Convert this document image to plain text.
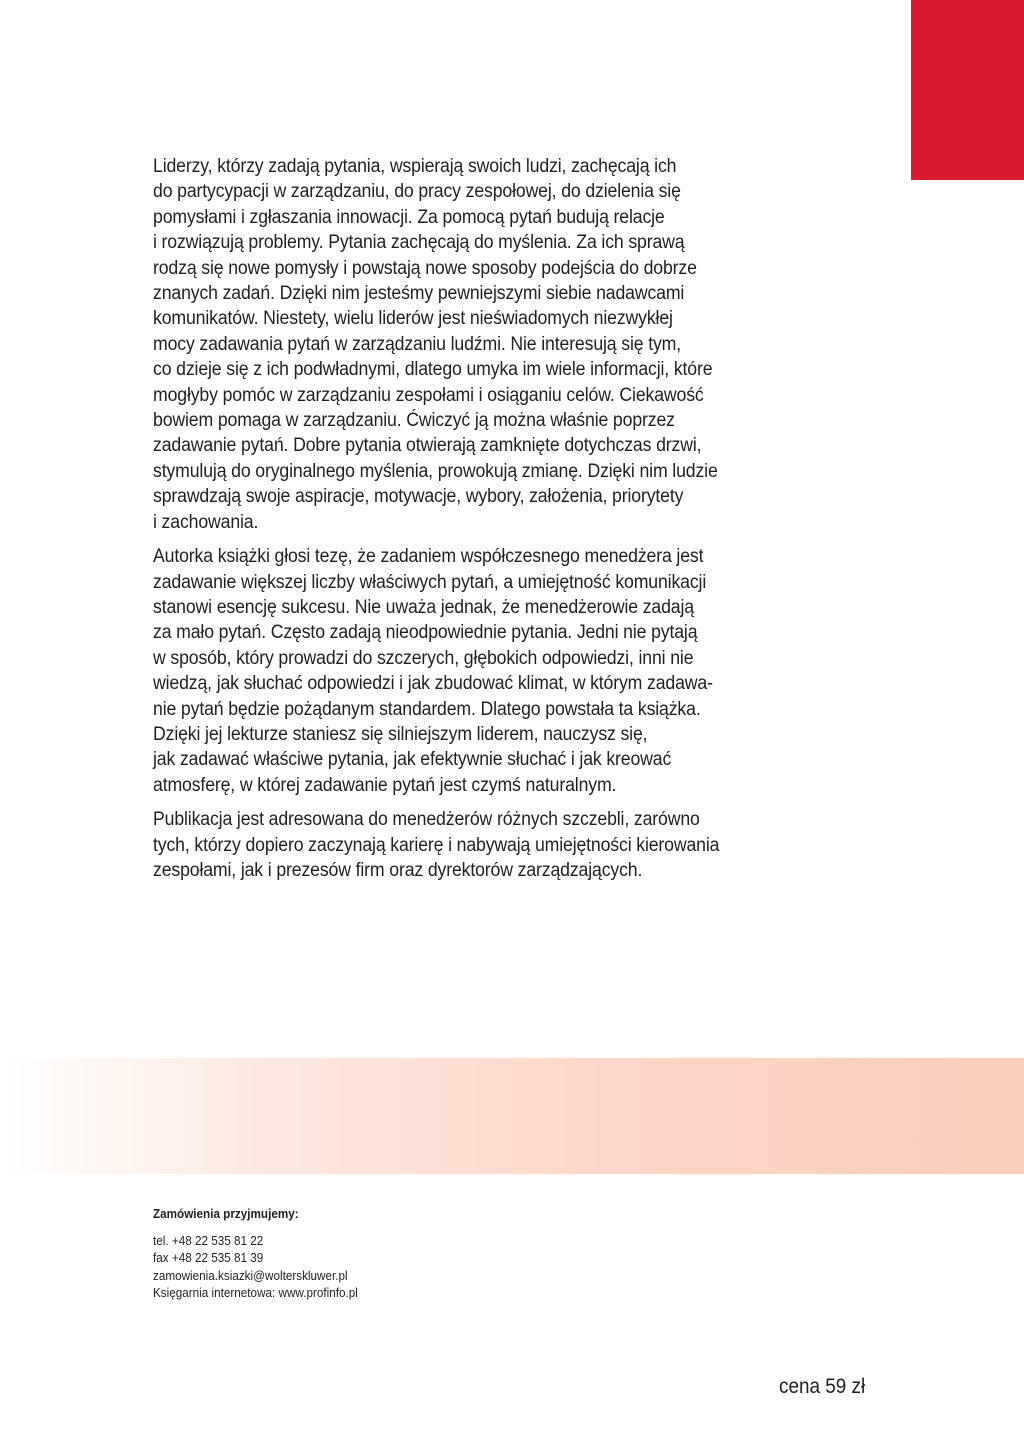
Liderzy, którzy zadają pytania, wspierają swoich ludzi, zachęcają ich
do partycypacji w zarządzaniu, do pracy zespołowej, do dzielenia się
pomysłami i zgłaszania innowacji. Za pomocą pytań budują relacje
i rozwiązują problemy. Pytania zachęcają do myślenia. Za ich sprawą
rodzą się nowe pomysły i powstają nowe sposoby podejścia do dobrze
znanych zadań. Dzięki nim jesteśmy pewniejszymi siebie nadawcami
komunikatów. Niestety, wielu liderów jest nieświadomych niezwykłej
mocy zadawania pytań w zarządzaniu ludźmi. Nie interesują się tym,
co dzieje się z ich podwładnymi, dlatego umyka im wiele informacji, które
mogłyby pomóc w zarządzaniu zespołami i osiąganiu celów. Ciekawość
bowiem pomaga w zarządzaniu. Ćwiczyć ją można właśnie poprzez
zadawanie pytań. Dobre pytania otwierają zamknięte dotychczas drzwi,
stymulują do oryginalnego myślenia, prowokują zmianę. Dzięki nim ludzie
sprawdzają swoje aspiracje, motywacje, wybory, założenia, priorytety
i zachowania.

Autorka książki głosi tezę, że zadaniem współczesnego menedżera jest
zadawanie większej liczby właściwych pytań, a umiejętność komunikacji
stanowi esencję sukcesu. Nie uważa jednak, że menedżerowie zadają
za mało pytań. Często zadają nieodpowiednie pytania. Jedni nie pytają
w sposób, który prowadzi do szczerych, głębokich odpowiedzi, inni nie
wiedzą, jak słuchać odpowiedzi i jak zbudować klimat, w którym zadawa-
nie pytań będzie pożądanym standardem. Dlatego powstała ta książka.
Dzięki jej lekturze staniesz się silniejszym liderem, nauczysz się,
jak zadawać właściwe pytania, jak efektywnie słuchać i jak kreować
atmosferę, w której zadawanie pytań jest czymś naturalnym.

Publikacja jest adresowana do menedżerów różnych szczebli, zarówno
tych, którzy dopiero zaczynają karierę i nabywają umiejętności kierowania
zespołami, jak i prezesów firm oraz dyrektorów zarządzających.

Zamówienia przyjmujemy:
tel. +48 22 535 81 22
fax +48 22 535 81 39
zamowienia.ksiazki@wolterskluwer.pl
Księgarnia internetowa: www.profinfo.pl
cena 59 zł
